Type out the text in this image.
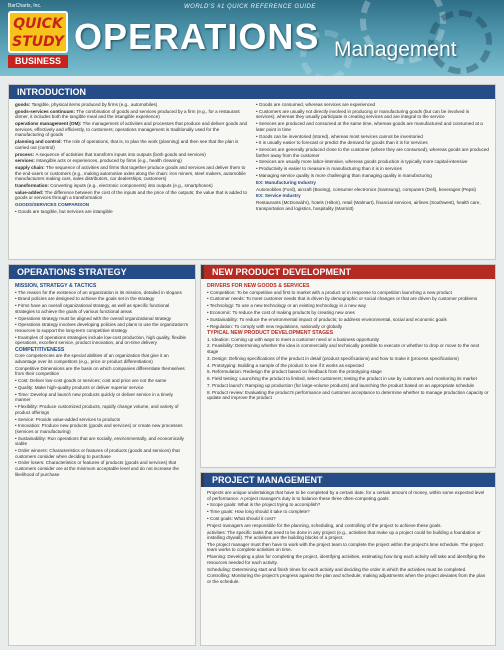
BarCharts, Inc.
QUICK
STUDY
BUSINESS
WORLD'S #1 QUICK REFERENCE GUIDE
OPERATIONS Management
INTRODUCTION

goods: Tangible, physical items produced by firms (e.g., automobiles)

goods-services continuum: The combination of goods and services produced by a firm (e.g., for a restaurant dinner, it includes both the tangible meal and the intangible experience)

operations management (OM): The management of activities and processes that produce and deliver goods and services, effectively and efficiently, to customers; operations management is traditionally used for the manufacturing of goods

planning and control: The role of operations, that is, to plan the work (planning) and then see that the plan is carried out (control)

process: A sequence of activities that transform inputs into outputs (both goods and services)

services: Intangible acts or experiences, produced by firms (e.g., health cleaning)

supply chain: The sequence of activities and firms that together produce goods and services and deliver them to the end-users or customers (e.g., making automotive axles along the chain: iron miners, steel makers, automobile manufacturers making cars, sales distributors, car dealerships, customers)

transformation: Converting inputs (e.g., electronic components) into outputs (e.g., smartphones)

value-added: The difference between the cost of the inputs and the price of the outputs; the value that is added to goods or services through a transformation

GOODS/SERVICES COMPARISON

• Goods are tangible, but services are intangible

• Goods are consumed, whereas services are experienced

• Customers are usually not directly involved in producing or manufacturing goods (but can be involved in services), whereas they usually participate in creating services and are integral to the service

• Services are produced and consumed at the same time, whereas goods are manufactured and consumed at a later point in time

• Goods can be inventoried (stored), whereas most services cannot be inventoried

• It is usually easier to forecast or predict the demand for goods than it is for services

• Services are generally produced close to the customer (where they are consumed), whereas goods are produced farther away from the customer

• Services are usually more labor-intensive, whereas goods production is typically more capital-intensive

• Productivity is easier to measure in manufacturing than it is in services

• Managing service quality is more challenging than managing quality in manufacturing

EX: Manufacturing Industry

Automobiles (Ford), aircraft (Boeing), consumer electronics (Samsung), computers (Dell), beverages (Pepsi)

EX: Service Industry

Restaurants (McDonald's), hotels (Hilton), retail (Walmart), financial services, airlines (Southwest), health care, transportation and logistics, hospitality (Marriott)

OPERATIONS STRATEGY
MISSION, STRATEGY & TACTICS

• The reason for the existence of an organization is its mission, detailed in slogans

• Brand policies are designed to achieve the goals set in the strategy

• Firms have an overall organizational strategy, as well as specific functional strategies to achieve the goals of various functional areas

• Operations strategy must be aligned with the overall organizational strategy

• Operations strategy involves developing policies and plans to use the organization's resources to support the long-term competitive strategy

• Examples of operations strategies include low-cost production, high quality, flexible operations, excellent service, product innovation, and on-time delivery

COMPETITIVENESS

Core competencies are the special abilities of an organization that give it an advantage over its competitors (e.g., price or product differentiation)

Competitive Dimensions are the basis on which companies differentiate themselves from their competition

• Cost: Deliver low-cost goods or services; cost and price are not the same

• Quality: Make high-quality products or deliver superior service

• Time: Develop and launch new products quickly or deliver service in a timely manner

• Flexibility: Produce customized products, rapidly change volume, and variety of product offerings

• Service: Provide value-added services to products

• Innovation: Produce new products (goods and services) or create new processes (services or manufacturing)

• Sustainability: Run operations that are socially, environmentally, and economically viable

• Order winners: Characteristics or features of products (goods and services) that customers consider when deciding to purchase

• Order losers: Characteristics or features of products (goods and services) that customers consider are at the minimum acceptable level and do not increase the likelihood of purchase

NEW PRODUCT DEVELOPMENT
DRIVERS FOR NEW GOODS & SERVICES

• Competition: To be competitive and first to market with a product or in response to competition launching a new product

• Customer needs: To meet customer needs that is driven by demographic or social changes or that are driven by customer problems

• Technology: To use a new technology or an existing technology in a new way

• Economic: To reduce the cost of making products by creating new ones

• Sustainability: To reduce the environmental impact of products; to address environmental, social and economic goals

• Regulation: To comply with new regulations, nationally or globally

TYPICAL NEW PRODUCT DEVELOPMENT STAGES

1. Ideation: Coming up with ways to meet a customer need or a business opportunity

2. Feasibility: Determining whether the idea is commercially and technically possible to execute or whether to drop or move to the next stage

3. Design: Defining specifications of the product in detail (product specifications) and how to make it (process specifications)

4. Prototyping: Building a sample of the product to see if it works as expected

5. Reformulation: Redesign the product based on feedback from the prototyping stage

6. Field testing: Launching the product to limited, select customers; testing the product in use by customers and monitoring its market

7. Product launch: Ramping up production (for large-volume products) and launching the product based on an appropriate schedule

8. Product review: Evaluating the product's performance and customer acceptance to determine whether to manage production capacity or update and improve the product

PROJECT MANAGEMENT

Projects are unique undertakings that have to be completed by a certain date, for a certain amount of money, within some expected level of performance. A project manager's duty is to balance these three often-competing goals:

• Scope goals: What is the project trying to accomplish?

• Time goals: How long should it take to complete?

• Cost goals: What should it cost?

Project managers are responsible for the planning, scheduling, and controlling of the project to achieve these goals.

activities: The specific tasks that need to be done in any project (e.g., activities that make up a project could be building a foundation or installing drywall). The activities are the building blocks of a project.

The project manager must then have to work with the project team to complete the project within the project's time schedule. The project team works to complete activities on time.

Planning: Developing a plan for completing the project, identifying activities, estimating how long each activity will take and identifying the resources needed for each activity.

Scheduling: Determining start and finish times for each activity and deciding the order in which the activities must be completed.

Controlling: Monitoring the project's progress against the plan and schedule; making adjustments when the project deviates from the plan or the schedule.
